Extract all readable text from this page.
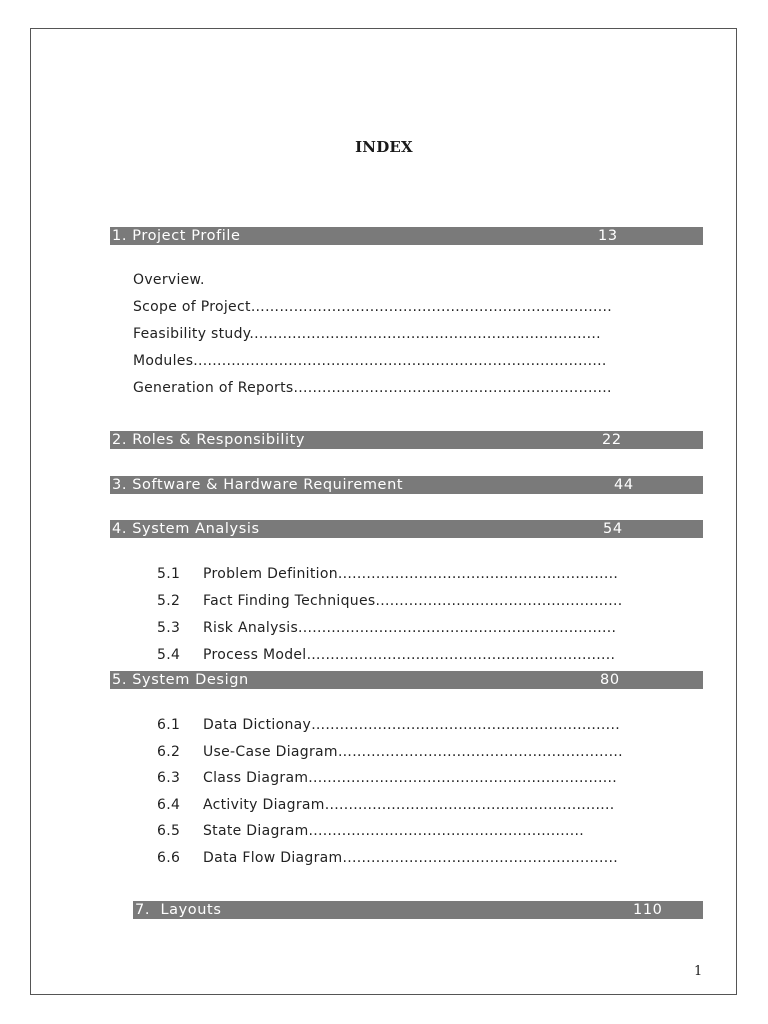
INDEX
1. Project Profile	13
Overview.
Scope of Project…………….............................................................
Feasibility study..........................................................................
Modules.......................................................................................
Generation of Reports...................................................................
2. Roles & Responsibility	22
3. Software & Hardware Requirement	44
4. System Analysis	54
5.1 Problem Definition...........................................................
5.2 Fact Finding Techniques....................................................
5.3 Risk Analysis...................................................................
5.4 Process Model…..............................................................
5. System Design	80
6.1 Data Dictionay…..............................................................
6.2 Use-Case Diagram……......................................................
6.3 Class Diagram.................................................................
6.4 Activity Diagram.............................................................
6.5 State Diagram..........................................................
6.6 Data Flow Diagram..........................................................
7.  Layouts	110
1
